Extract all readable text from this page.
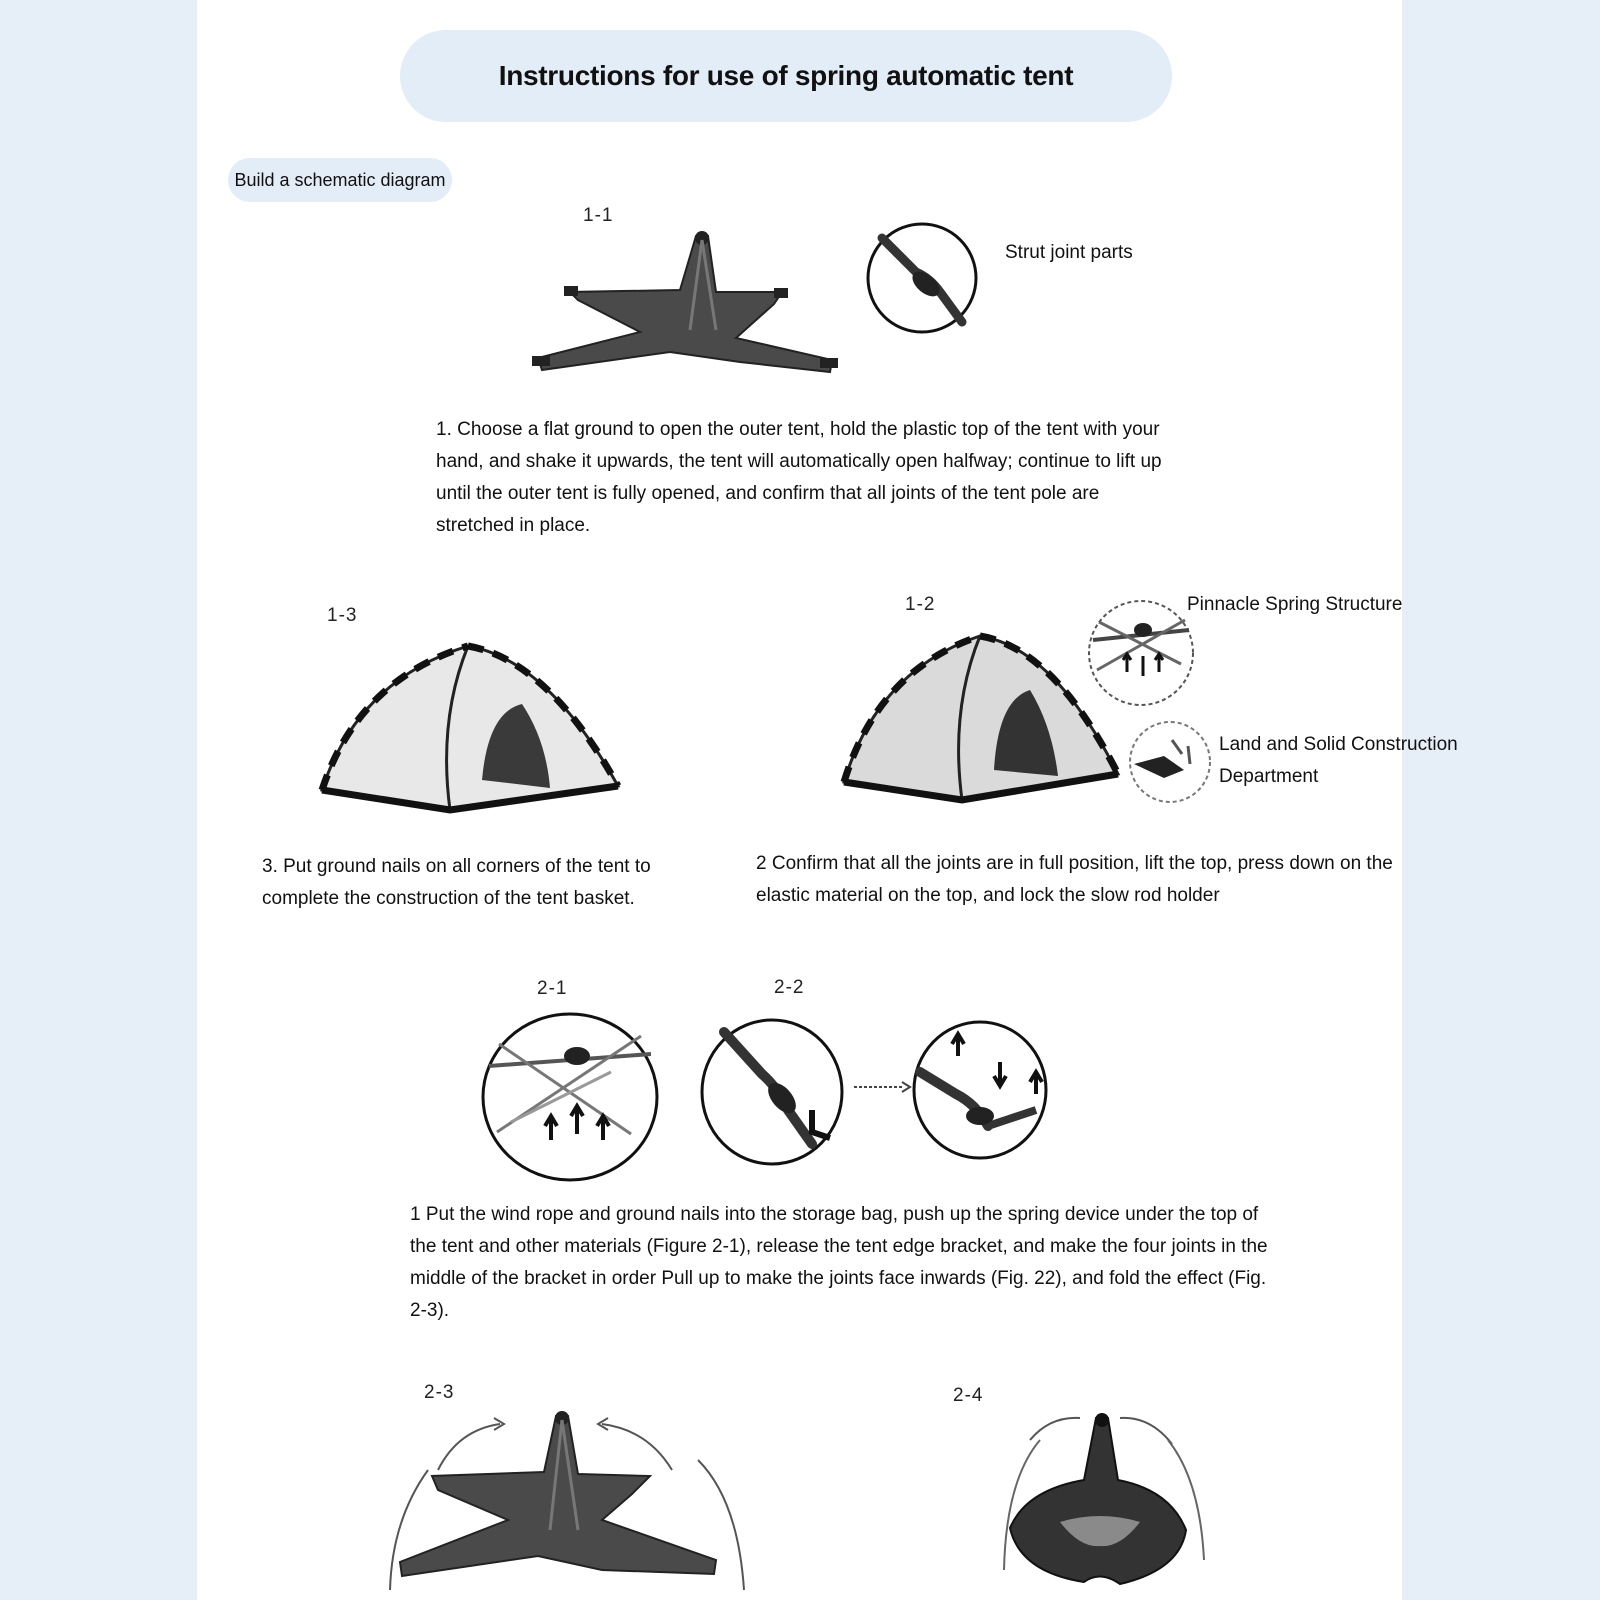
Instructions for use of spring automatic tent
Build a schematic diagram
1-1
Strut joint parts

1. Choose a flat ground to open the outer tent, hold the plastic top of the tent with your
hand, and shake it upwards, the tent will automatically open halfway; continue to lift up
until the outer tent is fully opened, and confirm that all joints of the tent pole are
stretched in place.

1-3
1-2	Pinnacle Spring Structure
Land and Solid Construction
Department

3. Put ground nails on all corners of the tent to
complete the construction of the tent basket.

2 Confirm that all the joints are in full position, lift the top, press down on the
elastic material on the top, and lock the slow rod holder

2-1	2-2

1 Put the wind rope and ground nails into the storage bag, push up the spring device under the top of
the tent and other materials (Figure 2-1), release the tent edge bracket, and make the four joints in the
middle of the bracket in order Pull up to make the joints face inwards (Fig. 22), and fold the effect (Fig.
2-3).

2-3	2-4
